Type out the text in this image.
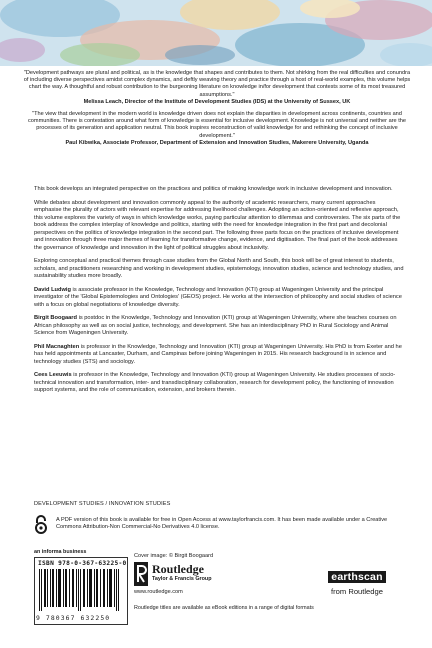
"Development pathways are plural and political, as is the knowledge that shapes and contributes to them. Not shirking from the real difficulties and conundra of including diverse perspectives amidst complex dynamics, and deftly weaving theory and practice through a host of real-world examples, this volume helps chart the way. A thoughtful and robust contribution to the burgeoning literature on knowledge in/for development that contests some of its most treasured assumptions."

Melissa Leach, Director of the Institute of Development Studies (IDS) at the University of Sussex, UK

"The view that development in the modern world is knowledge driven does not explain the disparities in development across continents, countries and communities. There is contestation around what form of knowledge is essential for inclusive development. Knowledge is not universal and neither are the processes of its generation and application neutral. This book inspires reconstruction of valid knowledge for and rethinking the concept of inclusive development."

Paul Kibwika, Associate Professor, Department of Extension and Innovation Studies, Makerere University, Uganda

This book develops an integrated perspective on the practices and politics of making knowledge work in inclusive development and innovation.

While debates about development and innovation commonly appeal to the authority of academic researchers, many current approaches emphasise the plurality of actors with relevant expertise for addressing livelihood challenges. Adopting an action-oriented and reflexive approach, this volume explores the variety of ways in which knowledge works, paying particular attention to dilemmas and controversies. The six parts of the book address the complex interplay of knowledge and politics, starting with the need for knowledge integration in the first part and decolonial perspectives on the politics of knowledge integration in the second part. The following three parts focus on the practices of inclusive development and innovation through three major themes of learning for transformative change, evidence, and digitisation. The final part of the book addresses the governance of knowledge and innovation in the light of political struggles about inclusivity.

Exploring conceptual and practical themes through case studies from the Global North and South, this book will be of great interest to students, scholars, and practitioners researching and working in development studies, epistemology, innovation studies, science and technology studies, and sustainability studies more broadly.

David Ludwig is associate professor in the Knowledge, Technology and Innovation (KTI) group at Wageningen University and the principal investigator of the 'Global Epistemologies and Ontologies' (GEOS) project. He works at the intersection of philosophy and social studies of science with a focus on global negotiations of knowledge diversity.

Birgit Boogaard is postdoc in the Knowledge, Technology and Innovation (KTI) group at Wageningen University, where she teaches courses on African philosophy as well as on social justice, technology, and development. She has an interdisciplinary PhD in Rural Sociology and Animal Science from Wageningen University.

Phil Macnaghten is professor in the Knowledge, Technology and Innovation (KTI) group at Wageningen University. His PhD is from Exeter and he has held appointments at Lancaster, Durham, and Campinas before joining Wageningen in 2015. His research background is in science and technology studies (STS) and sociology.

Cees Leeuwis is professor in the Knowledge, Technology and Innovation (KTI) group at Wageningen University. He studies processes of socio-technical innovation and transformation, inter- and transdisciplinary collaboration, research for development policy, the functioning of innovation support systems, and the role of communication, extension, and brokers therein.

DEVELOPMENT STUDIES / INNOVATION STUDIES
A PDF version of this book is available for free in Open Access at www.taylorfrancis.com. It has been made available under a Creative Commons Attribution-Non Commercial-No Derivatives 4.0 license.
an informa business
ISBN 978-0-367-63225-0
9 780367 632250
Cover image: © Birgit Boogaard
Routledge
Taylor & Francis Group
www.routledge.com
earthscan
from Routledge
Routledge titles are available as eBook editions in a range of digital formats
